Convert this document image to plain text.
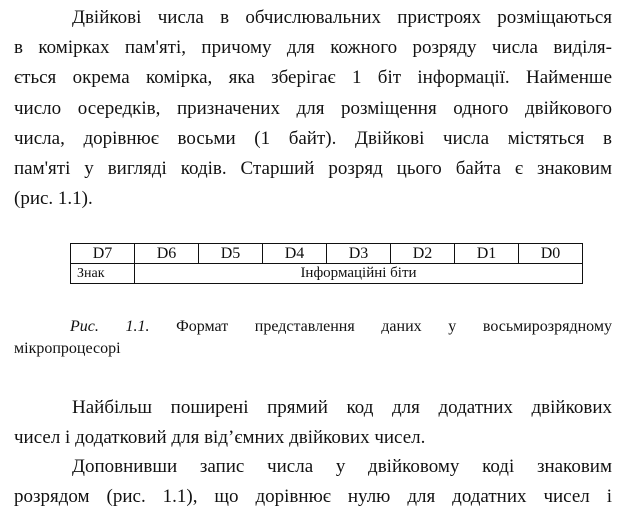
Двійкові числа в обчислювальних пристроях розміщаються
в комірках пам'яті, причому для кожного розряду числа виділя-
ється окрема комірка, яка зберігає 1 біт інформації. Найменше
число осередків, призначених для розміщення одного двійкового
числа, дорівнює восьми (1 байт). Двійкові числа містяться в
пам'яті у вигляді кодів. Старший розряд цього байта є знаковим
(рис. 1.1).

D7	D6	D5	D4	D3	D2	D1	D0
Знак	Інформаційні біти						
Рис. 1.1. Формат представлення даних у восьмирозрядному
мікропроцесорі

Найбільш поширені прямий код для додатних двійкових
чисел і додатковий для від’ємних двійкових чисел.

Доповнивши запис числа у двійковому коді знаковим
розрядом (рис. 1.1), що дорівнює нулю для додатних чисел і
